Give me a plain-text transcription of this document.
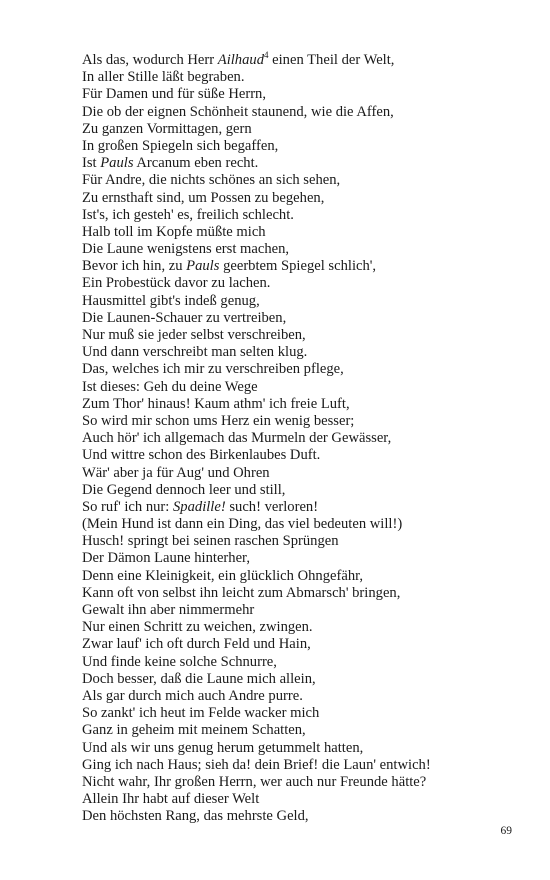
Als das, wodurch Herr Ailhaud$^4$ einen Theil der Welt,
In aller Stille läßt begraben.
Für Damen und für süße Herrn,
Die ob der eignen Schönheit staunend, wie die Affen,
Zu ganzen Vormittagen, gern
In großen Spiegeln sich begaffen,
Ist Pauls Arcanum eben recht.
Für Andre, die nichts schönes an sich sehen,
Zu ernsthaft sind, um Possen zu begehen,
Ist's, ich gesteh' es, freilich schlecht.
Halb toll im Kopfe müßte mich
Die Laune wenigstens erst machen,
Bevor ich hin, zu Pauls geerbtem Spiegel schlich',
Ein Probestück davor zu lachen.
Hausmittel gibt's indeß genug,
Die Launen-Schauer zu vertreiben,
Nur muß sie jeder selbst verschreiben,
Und dann verschreibt man selten klug.
Das, welches ich mir zu verschreiben pflege,
Ist dieses: Geh du deine Wege
Zum Thor' hinaus! Kaum athm' ich freie Luft,
So wird mir schon ums Herz ein wenig besser;
Auch hör' ich allgemach das Murmeln der Gewässer,
Und wittre schon des Birkenlaubes Duft.
Wär' aber ja für Aug' und Ohren
Die Gegend dennoch leer und still,
So ruf' ich nur: Spadille! such! verloren!
(Mein Hund ist dann ein Ding, das viel bedeuten will!)
Husch! springt bei seinen raschen Sprüngen
Der Dämon Laune hinterher,
Denn eine Kleinigkeit, ein glücklich Ohngefähr,
Kann oft von selbst ihn leicht zum Abmarsch' bringen,
Gewalt ihn aber nimmermehr
Nur einen Schritt zu weichen, zwingen.
Zwar lauf' ich oft durch Feld und Hain,
Und finde keine solche Schnurre,
Doch besser, daß die Laune mich allein,
Als gar durch mich auch Andre purre.
So zankt' ich heut im Felde wacker mich
Ganz in geheim mit meinem Schatten,
Und als wir uns genug herum getummelt hatten,
Ging ich nach Haus; sieh da! dein Brief! die Laun' entwich!
Nicht wahr, Ihr großen Herrn, wer auch nur Freunde hätte?
Allein Ihr habt auf dieser Welt
Den höchsten Rang, das mehrste Geld,
69
